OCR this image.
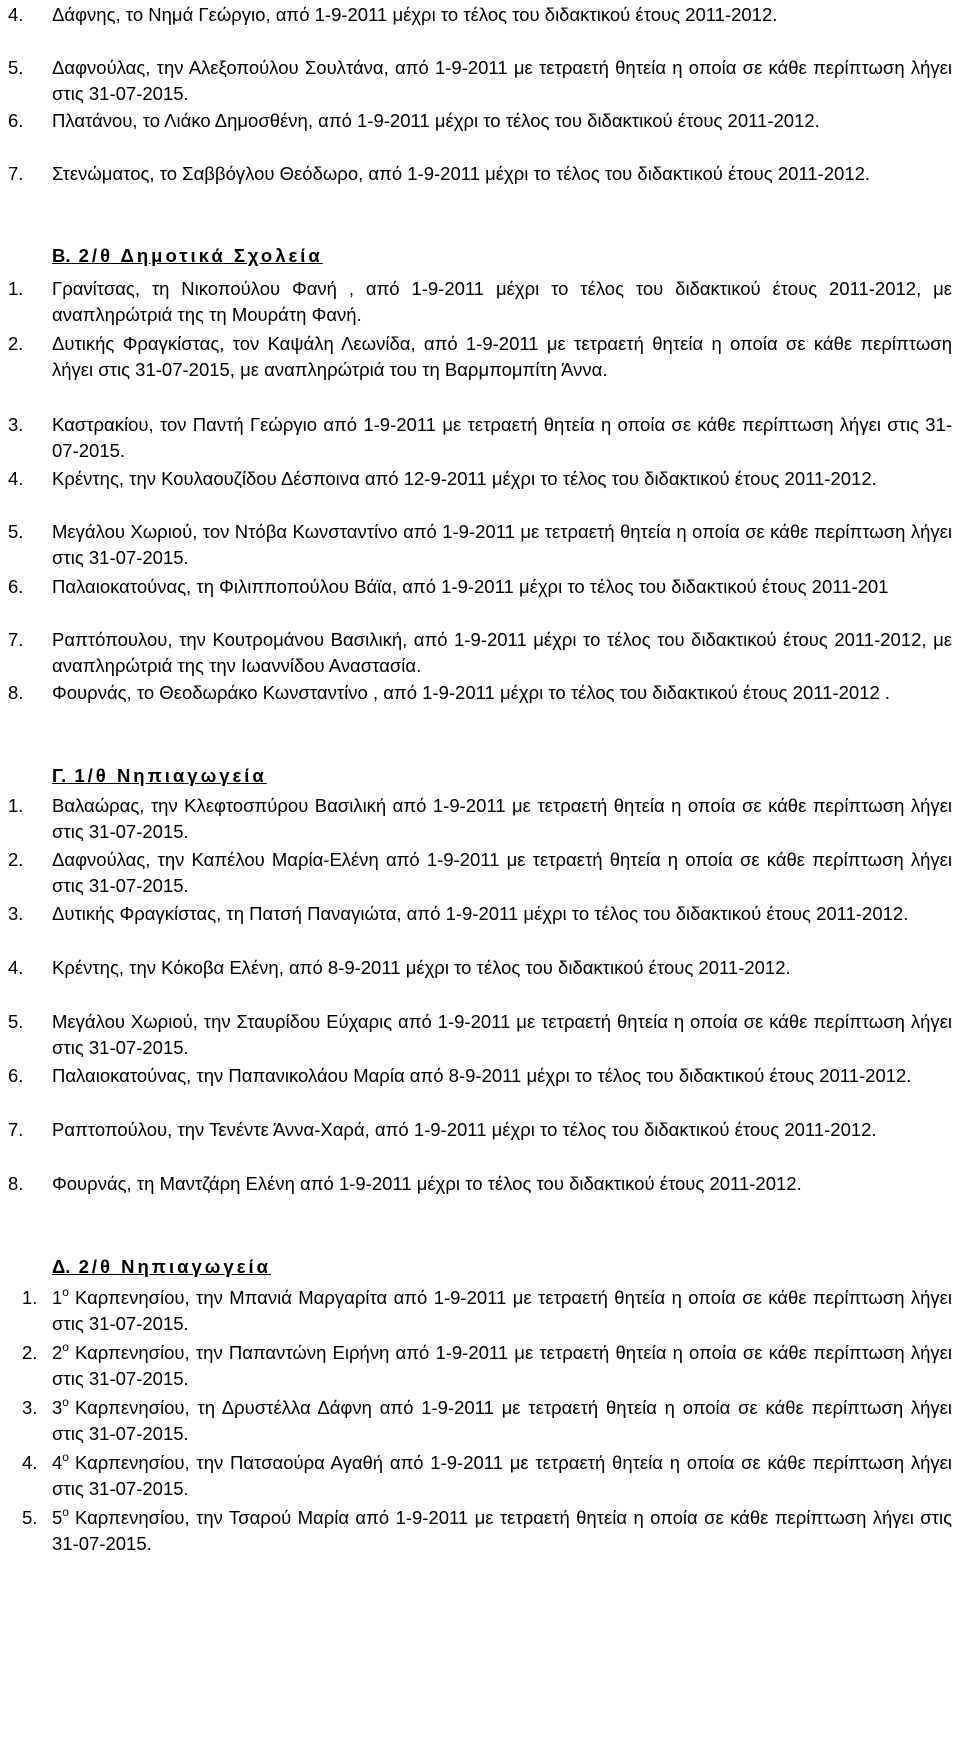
4.	Δάφνης, το Νημά Γεώργιο, από 1-9-2011 μέχρι το τέλος του διδακτικού έτους 2011-2012.
5.	Δαφνούλας, την Αλεξοπούλου Σουλτάνα, από 1-9-2011 με τετραετή θητεία η οποία σε κάθε περίπτωση λήγει στις 31-07-2015.
6.	Πλατάνου, το Λιάκο Δημοσθένη, από 1-9-2011 μέχρι το τέλος του διδακτικού έτους 2011-2012.
7.	Στενώματος, το Σαββόγλου Θεόδωρο, από 1-9-2011 μέχρι το τέλος του διδακτικού έτους 2011-2012.
Β. 2/θ Δημοτικά Σχολεία
1.	Γρανίτσας, τη Νικοπούλου Φανή , από 1-9-2011 μέχρι το τέλος του διδακτικού έτους 2011-2012, με αναπληρώτριά της τη Μουράτη Φανή.
2.	Δυτικής Φραγκίστας, τον Καψάλη Λεωνίδα, από 1-9-2011 με τετραετή θητεία η οποία σε κάθε περίπτωση λήγει στις 31-07-2015, με αναπληρώτριά του τη Βαρμπομπίτη Άννα.
3.	Καστρακίου, τον Παντή Γεώργιο από 1-9-2011 με τετραετή θητεία η οποία σε κάθε περίπτωση λήγει στις 31-07-2015.
4.	Κρέντης, την Κουλαουζίδου Δέσποινα από 12-9-2011 μέχρι το τέλος του διδακτικού έτους 2011-2012.
5.	Μεγάλου Χωριού, τον Ντόβα Κωνσταντίνο από 1-9-2011 με τετραετή θητεία η οποία σε κάθε περίπτωση λήγει στις 31-07-2015.
6.	Παλαιοκατούνας, τη Φιλιπποπούλου Βάϊα, από 1-9-2011 μέχρι το τέλος του διδακτικού έτους 2011-201
7.	Ραπτόπουλου, την Κουτρομάνου Βασιλική, από 1-9-2011 μέχρι το τέλος του διδακτικού έτους 2011-2012, με αναπληρώτριά της την Ιωαννίδου Αναστασία.
8.	Φουρνάς, το Θεοδωράκο Κωνσταντίνο , από 1-9-2011 μέχρι το τέλος του διδακτικού έτους 2011-2012 .
Γ. 1/θ Νηπιαγωγεία
1.	Βαλαώρας, την Κλεφτοσπύρου Βασιλική από 1-9-2011 με τετραετή θητεία η οποία σε κάθε περίπτωση λήγει στις 31-07-2015.
2.	Δαφνούλας, την Καπέλου Μαρία-Ελένη από 1-9-2011 με τετραετή θητεία η οποία σε κάθε περίπτωση λήγει στις 31-07-2015.
3.	Δυτικής Φραγκίστας, τη Πατσή Παναγιώτα, από 1-9-2011 μέχρι το τέλος του διδακτικού έτους 2011-2012.
4.	Κρέντης, την Κόκοβα Ελένη, από 8-9-2011 μέχρι το τέλος του διδακτικού έτους 2011-2012.
5.	Μεγάλου Χωριού, την Σταυρίδου Εύχαρις από 1-9-2011 με τετραετή θητεία η οποία σε κάθε περίπτωση λήγει στις 31-07-2015.
6.	Παλαιοκατούνας, την Παπανικολάου Μαρία από 8-9-2011 μέχρι το τέλος του διδακτικού έτους 2011-2012.
7.	Ραπτοπούλου, την Τενέντε Άννα-Χαρά, από 1-9-2011 μέχρι το τέλος του διδακτικού έτους 2011-2012.
8.	Φουρνάς, τη Μαντζάρη Ελένη από 1-9-2011 μέχρι το τέλος του διδακτικού έτους 2011-2012.
Δ. 2/θ Νηπιαγωγεία
1. $1^o$ Καρπενησίου, την Μπανιά Μαργαρίτα από 1-9-2011 με τετραετή θητεία η οποία σε κάθε περίπτωση λήγει στις 31-07-2015.
2. $2^o$ Καρπενησίου, την Παπαντώνη Ειρήνη από 1-9-2011 με τετραετή θητεία η οποία σε κάθε περίπτωση λήγει στις 31-07-2015.
3. $3^o$ Καρπενησίου, τη Δρυστέλλα Δάφνη από 1-9-2011 με τετραετή θητεία η οποία σε κάθε περίπτωση λήγει στις 31-07-2015.
4. $4^o$ Καρπενησίου, την Πατσαούρα Αγαθή από 1-9-2011 με τετραετή θητεία η οποία σε κάθε περίπτωση λήγει στις 31-07-2015.
5. $5^o$ Καρπενησίου, την Τσαρού Μαρία από 1-9-2011 με τετραετή θητεία η οποία σε κάθε περίπτωση λήγει στις 31-07-2015.
